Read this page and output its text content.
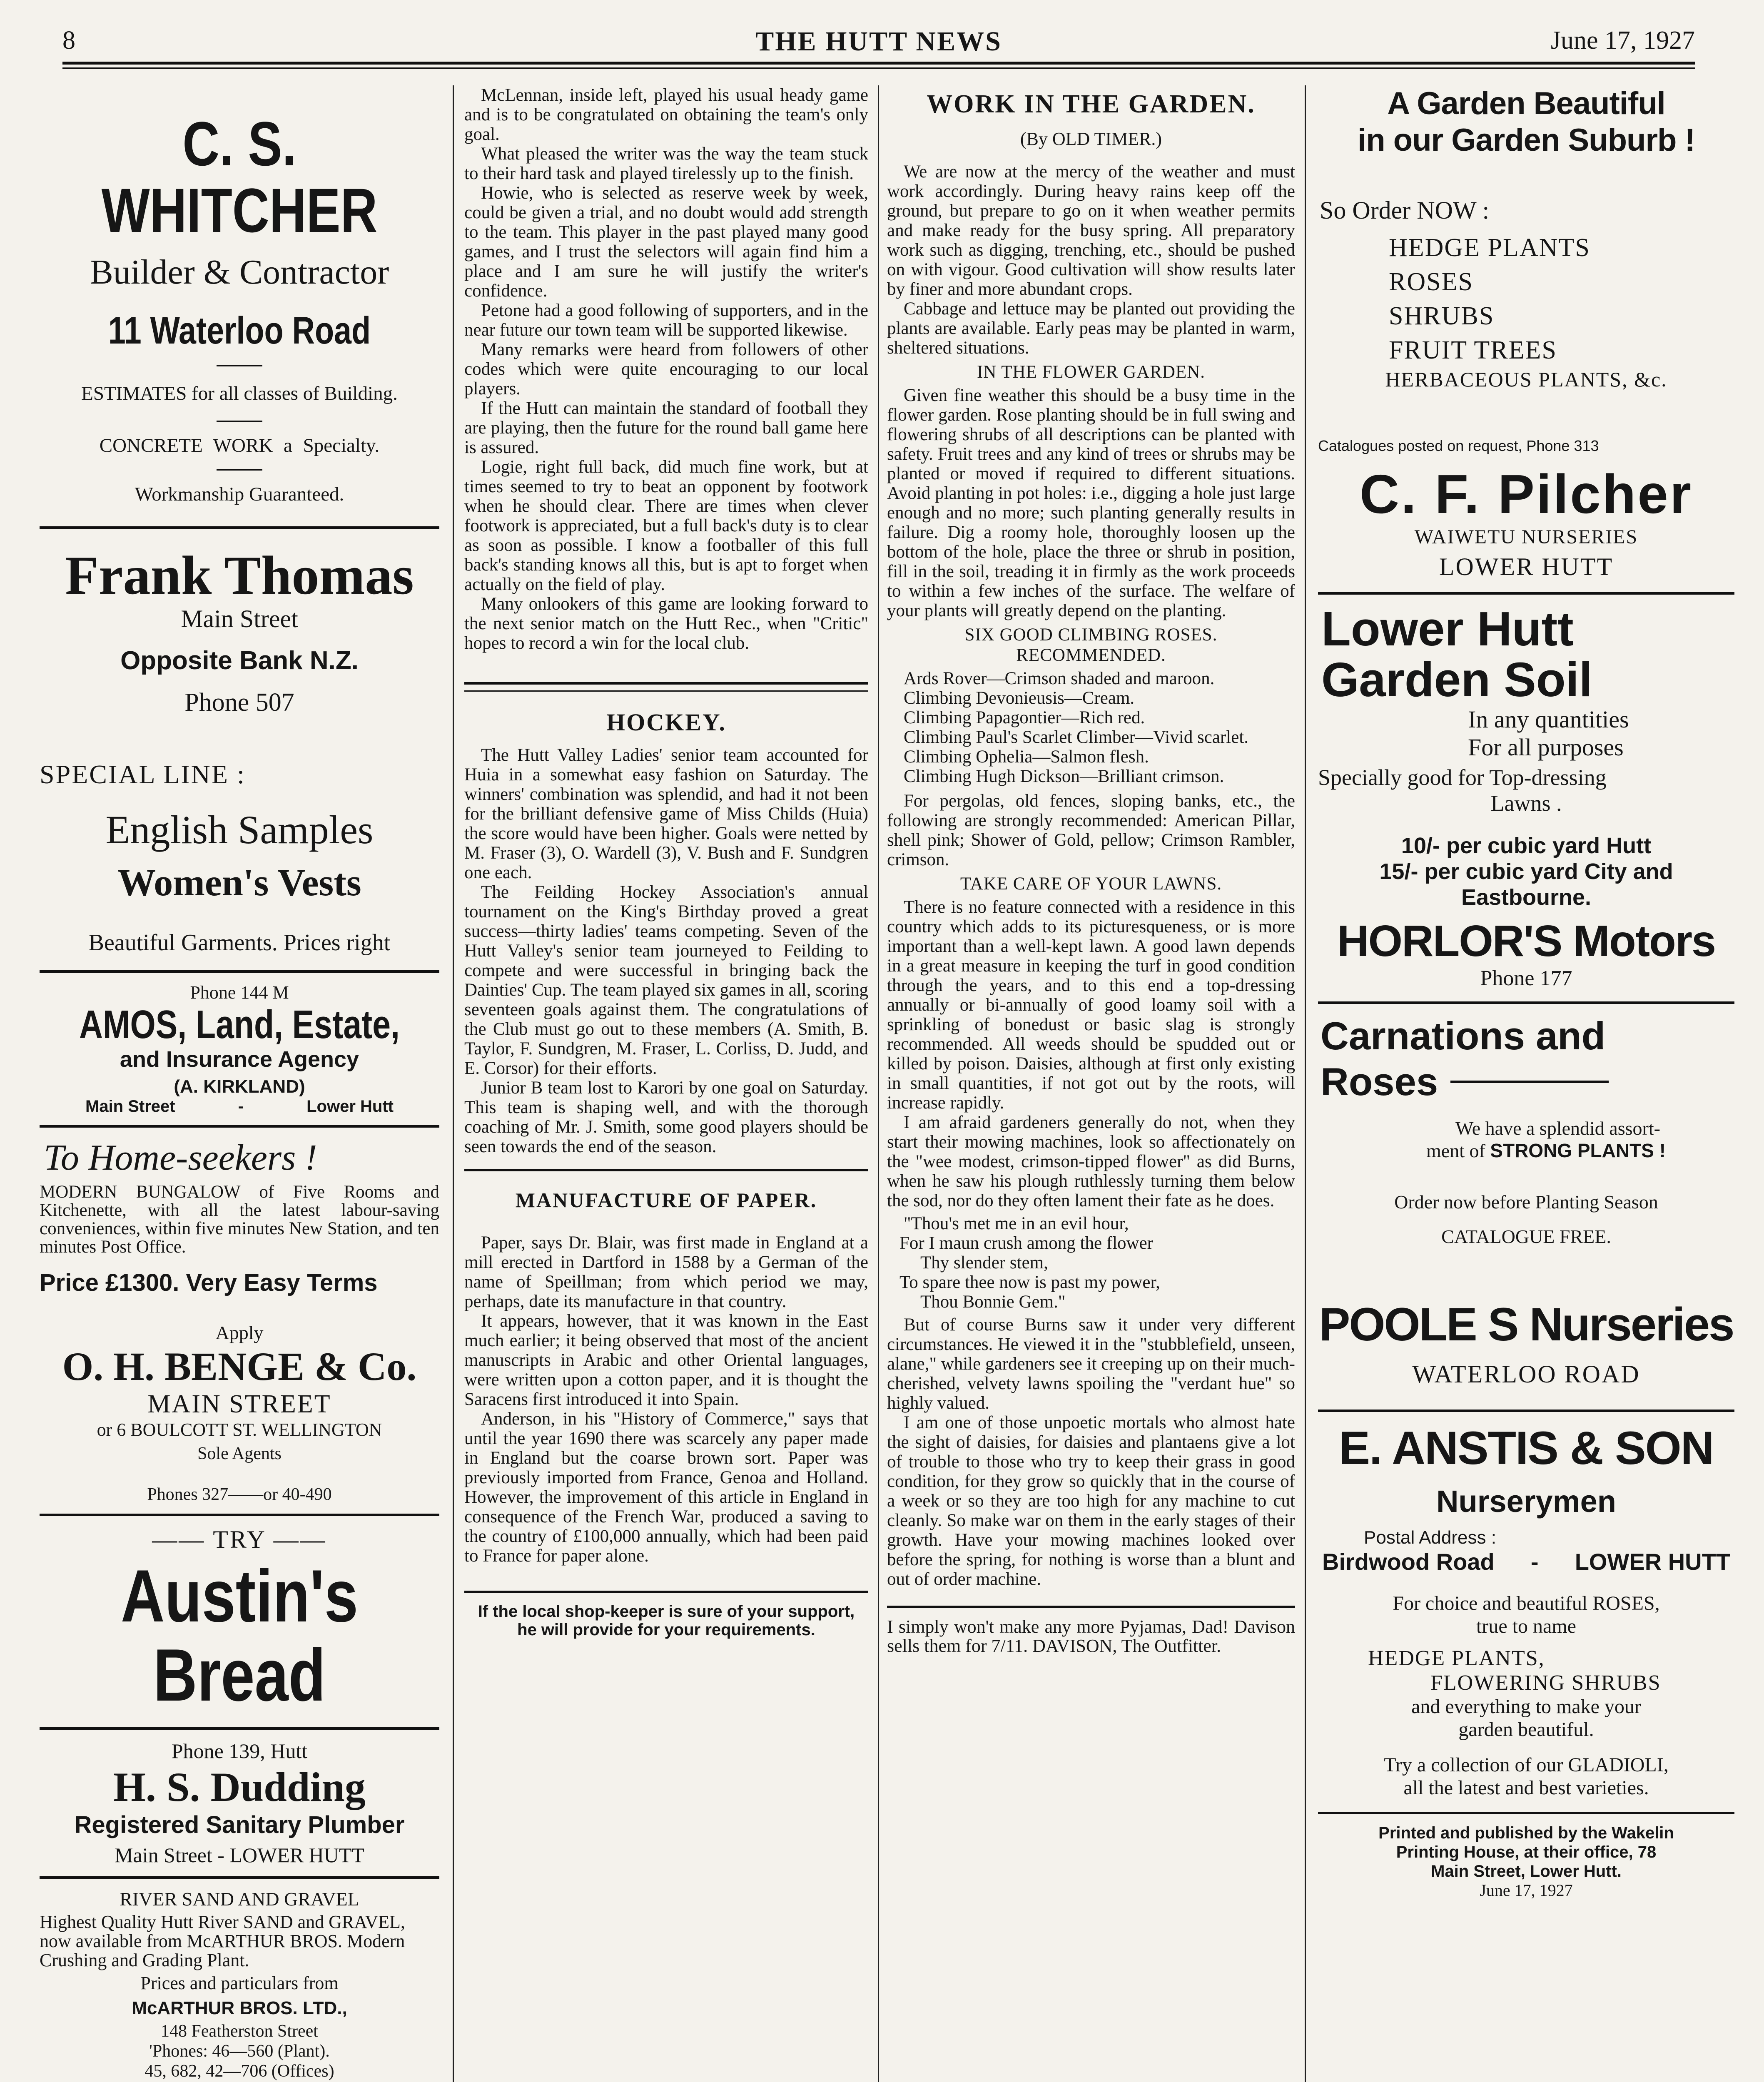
8	THE HUTT NEWS	June 17, 1927
C. S. WHITCHER
Builder & Contractor
11 Waterloo Road
ESTIMATES for all classes of Building.
CONCRETE WORK a Specialty.
Workmanship Guaranteed.
Frank Thomas
Main Street
Opposite Bank N.Z.
Phone 507
SPECIAL LINE :
English Samples
Women's Vests
Beautiful Garments. Prices right
Phone 144 M
AMOS, Land, Estate,
and Insurance Agency
(A. KIRKLAND)
Main Street	-	Lower Hutt
To Home-seekers !
MODERN BUNGALOW of Five Rooms and Kitchenette, with all the latest labour-saving conveniences, within five minutes New Station, and ten minutes Post Office.
Price £1300. Very Easy Terms
Apply
O. H. BENGE & Co.
MAIN STREET
or 6 BOULCOTT ST. WELLINGTON
Sole Agents
Phones 327——or 40-490
—— TRY ——
Austin's Bread
Phone 139, Hutt
H. S. Dudding
Registered Sanitary Plumber
Main Street - LOWER HUTT
RIVER SAND AND GRAVEL
Highest Quality Hutt River SAND and GRAVEL, now available from McARTHUR BROS. Modern Crushing and Grading Plant.
Prices and particulars from
McARTHUR BROS. LTD.,
148 Featherston Street
'Phones: 46—560 (Plant).
45, 682, 42—706 (Offices)

McLennan, inside left, played his usual heady game and is to be congratulated on obtaining the team's only goal.

What pleased the writer was the way the team stuck to their hard task and played tirelessly up to the finish.

Howie, who is selected as reserve week by week, could be given a trial, and no doubt would add strength to the team. This player in the past played many good games, and I trust the selectors will again find him a place and I am sure he will justify the writer's confidence.

Petone had a good following of supporters, and in the near future our town team will be supported likewise.

Many remarks were heard from followers of other codes which were quite encouraging to our local players.

If the Hutt can maintain the standard of football they are playing, then the future for the round ball game here is assured.

Logie, right full back, did much fine work, but at times seemed to try to beat an opponent by footwork when he should clear. There are times when clever footwork is appreciated, but a full back's duty is to clear as soon as possible. I know a footballer of this full back's standing knows all this, but is apt to forget when actually on the field of play.

Many onlookers of this game are looking forward to the next senior match on the Hutt Rec., when "Critic" hopes to record a win for the local club.

HOCKEY.

The Hutt Valley Ladies' senior team accounted for Huia in a somewhat easy fashion on Saturday. The winners' combination was splendid, and had it not been for the brilliant defensive game of Miss Childs (Huia) the score would have been higher. Goals were netted by M. Fraser (3), O. Wardell (3), V. Bush and F. Sundgren one each.

The Feilding Hockey Association's annual tournament on the King's Birthday proved a great success—thirty ladies' teams competing. Seven of the Hutt Valley's senior team journeyed to Feilding to compete and were successful in bringing back the Dainties' Cup. The team played six games in all, scoring seventeen goals against them. The congratulations of the Club must go out to these members (A. Smith, B. Taylor, F. Sundgren, M. Fraser, L. Corliss, D. Judd, and E. Corsor) for their efforts.

Junior B team lost to Karori by one goal on Saturday. This team is shaping well, and with the thorough coaching of Mr. J. Smith, some good players should be seen towards the end of the season.

MANUFACTURE OF PAPER.

Paper, says Dr. Blair, was first made in England at a mill erected in Dartford in 1588 by a German of the name of Speillman; from which period we may, perhaps, date its manufacture in that country.

It appears, however, that it was known in the East much earlier; it being observed that most of the ancient manuscripts in Arabic and other Oriental languages, were written upon a cotton paper, and it is thought the Saracens first introduced it into Spain.

Anderson, in his "History of Commerce," says that until the year 1690 there was scarcely any paper made in England but the coarse brown sort. Paper was previously imported from France, Genoa and Holland. However, the improvement of this article in England in consequence of the French War, produced a saving to the country of £100,000 annually, which had been paid to France for paper alone.

If the local shop-keeper is sure of your support, he will provide for your requirements.
WORK IN THE GARDEN.
(By OLD TIMER.)

We are now at the mercy of the weather and must work accordingly. During heavy rains keep off the ground, but prepare to go on it when weather permits and make ready for the busy spring. All preparatory work such as digging, trenching, etc., should be pushed on with vigour. Good cultivation will show results later by finer and more abundant crops.

Cabbage and lettuce may be planted out providing the plants are available. Early peas may be planted in warm, sheltered situations.

IN THE FLOWER GARDEN.

Given fine weather this should be a busy time in the flower garden. Rose planting should be in full swing and flowering shrubs of all descriptions can be planted with safety. Fruit trees and any kind of trees or shrubs may be planted or moved if required to different situations. Avoid planting in pot holes: i.e., digging a hole just large enough and no more; such planting generally results in failure. Dig a roomy hole, thoroughly loosen up the bottom of the hole, place the three or shrub in position, fill in the soil, treading it in firmly as the work proceeds to within a few inches of the surface. The welfare of your plants will greatly depend on the planting.

SIX GOOD CLIMBING ROSES. RECOMMENDED.

Ards Rover—Crimson shaded and maroon.

Climbing Devonieusis—Cream.

Climbing Papagontier—Rich red.

Climbing Paul's Scarlet Climber—Vivid scarlet.

Climbing Ophelia—Salmon flesh.

Climbing Hugh Dickson—Brilliant crimson.

For pergolas, old fences, sloping banks, etc., the following are strongly recommended: American Pillar, shell pink; Shower of Gold, pellow; Crimson Rambler, crimson.

TAKE CARE OF YOUR LAWNS.

There is no feature connected with a residence in this country which adds to its picturesqueness, or is more important than a well-kept lawn. A good lawn depends in a great measure in keeping the turf in good condition through the years, and to this end a top-dressing annually or bi-annually of good loamy soil with a sprinkling of bonedust or basic slag is strongly recommended. All weeds should be spudded out or killed by poison. Daisies, although at first only existing in small quantities, if not got out by the roots, will increase rapidly.

I am afraid gardeners generally do not, when they start their mowing machines, look so affectionately on the "wee modest, crimson-tipped flower" as did Burns, when he saw his plough ruthlessly turning them below the sod, nor do they often lament their fate as he does.

"Thou's met me in an evil hour,
For I maun crush among the flower
Thy slender stem,
To spare thee now is past my power,
Thou Bonnie Gem."

But of course Burns saw it under very different circumstances. He viewed it in the "stubblefield, unseen, alane," while gardeners see it creeping up on their much-cherished, velvety lawns spoiling the "verdant hue" so highly valued.

I am one of those unpoetic mortals who almost hate the sight of daisies, for daisies and plantaens give a lot of trouble to those who try to keep their grass in good condition, for they grow so quickly that in the course of a week or so they are too high for any machine to cut cleanly. So make war on them in the early stages of their growth. Have your mowing machines looked over before the spring, for nothing is worse than a blunt and out of order machine.

I simply won't make any more Pyjamas, Dad! Davison sells them for 7/11. DAVISON, The Outfitter.
A Garden Beautiful
in our Garden Suburb !
So Order NOW :
HEDGE PLANTS
ROSES
SHRUBS
FRUIT TREES
HERBACEOUS PLANTS, &c.
Catalogues posted on request, Phone 313
C. F. Pilcher
WAIWETU NURSERIES
LOWER HUTT
Lower Hutt
Garden Soil
In any quantities
For all purposes
Specially good for Top-dressing
Lawns .
10/- per cubic yard Hutt
15/- per cubic yard City and
Eastbourne.
HORLOR'S Motors
Phone 177
Carnations and
Roses
We have a splendid assort-
ment of STRONG PLANTS !
Order now before Planting Season
CATALOGUE FREE.
POOLE S Nurseries
WATERLOO ROAD
E. ANSTIS & SON
Nurserymen
Postal Address :
Birdwood Road - LOWER HUTT
For choice and beautiful ROSES,
true to name
HEDGE PLANTS,
FLOWERING SHRUBS
and everything to make your
garden beautiful.
Try a collection of our GLADIOLI,
all the latest and best varieties.
Printed and published by the Wakelin
Printing House, at their office, 78
Main Street, Lower Hutt.
June 17, 1927
